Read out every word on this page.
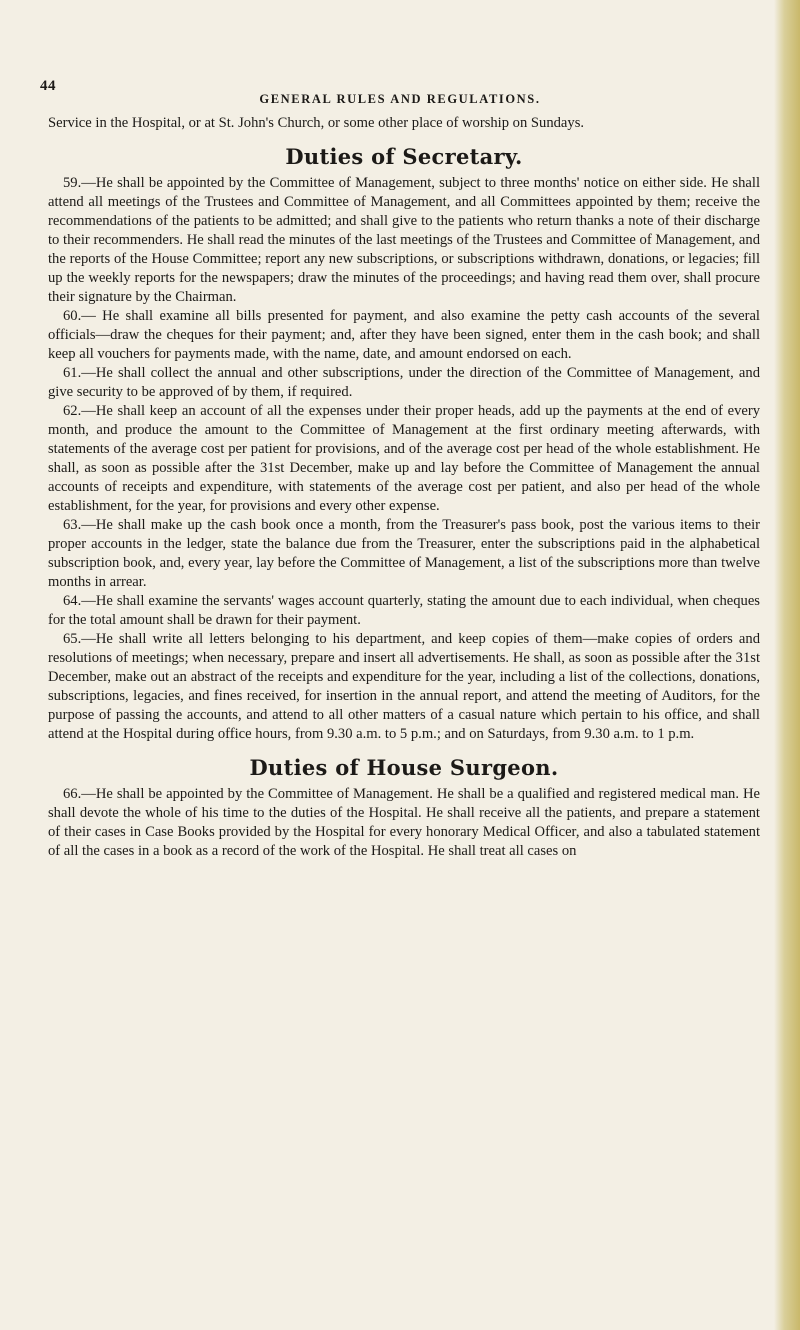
44
GENERAL RULES AND REGULATIONS.

Service in the Hospital, or at St. John's Church, or some other place of worship on Sundays.

Duties of Secretary.

59.—He shall be appointed by the Committee of Management, subject to three months' notice on either side. He shall attend all meetings of the Trustees and Committee of Management, and all Committees appointed by them; receive the recommendations of the patients to be admitted; and shall give to the patients who return thanks a note of their discharge to their recommenders. He shall read the minutes of the last meetings of the Trustees and Committee of Management, and the reports of the House Committee; report any new subscriptions, or subscriptions withdrawn, donations, or legacies; fill up the weekly reports for the newspapers; draw the minutes of the proceedings; and having read them over, shall procure their signature by the Chairman.

60.— He shall examine all bills presented for payment, and also examine the petty cash accounts of the several officials—draw the cheques for their payment; and, after they have been signed, enter them in the cash book; and shall keep all vouchers for payments made, with the name, date, and amount endorsed on each.

61.—He shall collect the annual and other subscriptions, under the direction of the Committee of Management, and give security to be approved of by them, if required.

62.—He shall keep an account of all the expenses under their proper heads, add up the payments at the end of every month, and produce the amount to the Committee of Management at the first ordinary meeting afterwards, with statements of the average cost per patient for provisions, and of the average cost per head of the whole establishment. He shall, as soon as possible after the 31st December, make up and lay before the Committee of Management the annual accounts of receipts and expenditure, with statements of the average cost per patient, and also per head of the whole establishment, for the year, for provisions and every other expense.

63.—He shall make up the cash book once a month, from the Treasurer's pass book, post the various items to their proper accounts in the ledger, state the balance due from the Treasurer, enter the subscriptions paid in the alphabetical subscription book, and, every year, lay before the Committee of Management, a list of the subscriptions more than twelve months in arrear.

64.—He shall examine the servants' wages account quarterly, stating the amount due to each individual, when cheques for the total amount shall be drawn for their payment.

65.—He shall write all letters belonging to his department, and keep copies of them—make copies of orders and resolutions of meetings; when necessary, prepare and insert all advertisements. He shall, as soon as possible after the 31st December, make out an abstract of the receipts and expenditure for the year, including a list of the collections, donations, subscriptions, legacies, and fines received, for insertion in the annual report, and attend the meeting of Auditors, for the purpose of passing the accounts, and attend to all other matters of a casual nature which pertain to his office, and shall attend at the Hospital during office hours, from 9.30 a.m. to 5 p.m.; and on Saturdays, from 9.30 a.m. to 1 p.m.

Duties of House Surgeon.

66.—He shall be appointed by the Committee of Management. He shall be a qualified and registered medical man. He shall devote the whole of his time to the duties of the Hospital. He shall receive all the patients, and prepare a statement of their cases in Case Books provided by the Hospital for every honorary Medical Officer, and also a tabulated statement of all the cases in a book as a record of the work of the Hospital. He shall treat all cases on
